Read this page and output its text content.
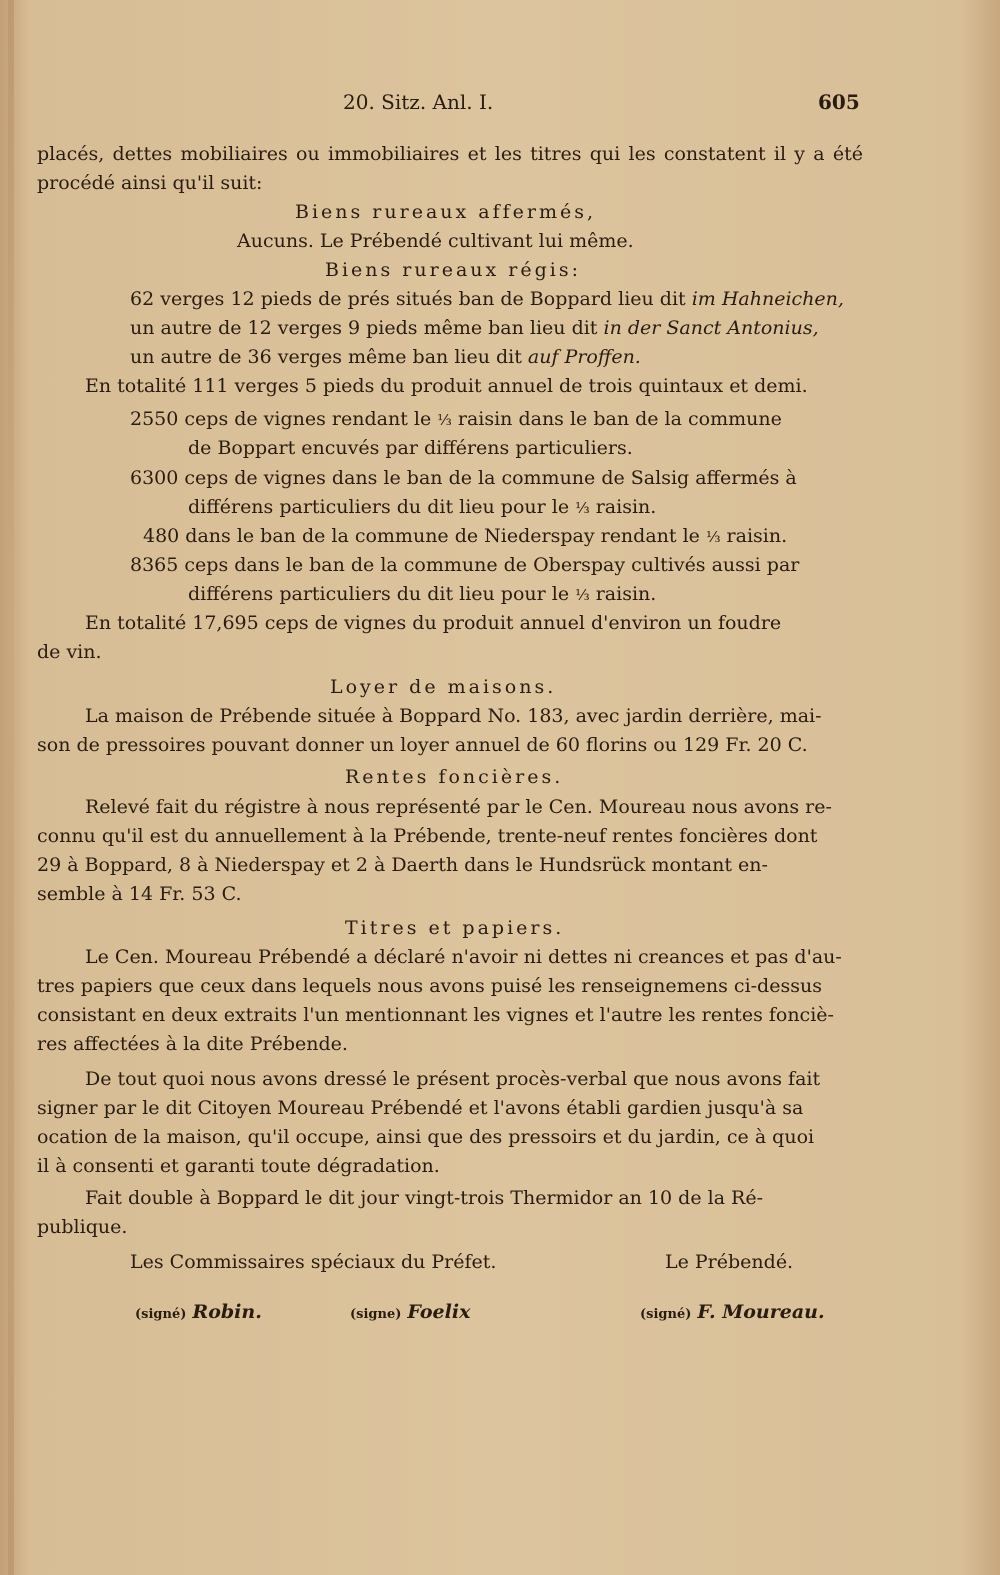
20. Sitz. Anl. I.	605
placés, dettes mobiliaires ou immobiliaires et les titres qui les constatent il y a été
procédé ainsi qu'il suit:
Biens rureaux affermés,
Aucuns. Le Prébendé cultivant lui même.
Biens rureaux régis:
62 verges 12 pieds de prés situés ban de Boppard lieu dit im Hahneichen,
un autre de 12 verges 9 pieds même ban lieu dit in der Sanct Antonius,
un autre de 36 verges même ban lieu dit auf Proffen.
En totalité 111 verges 5 pieds du produit annuel de trois quintaux et demi.
2550 ceps de vignes rendant le ⅓ raisin dans le ban de la commune
de Boppart encuvés par différens particuliers.
6300 ceps de vignes dans le ban de la commune de Salsig affermés à
différens particuliers du dit lieu pour le ⅓ raisin.
480 dans le ban de la commune de Niederspay rendant le ⅓ raisin.
8365 ceps dans le ban de la commune de Oberspay cultivés aussi par
différens particuliers du dit lieu pour le ⅓ raisin.
En totalité 17,695 ceps de vignes du produit annuel d'environ un foudre
de vin.
Loyer de maisons.
La maison de Prébende située à Boppard No. 183, avec jardin derrière, mai-
son de pressoires pouvant donner un loyer annuel de 60 florins ou 129 Fr. 20 C.
Rentes foncières.
Relevé fait du régistre à nous représenté par le Cen. Moureau nous avons re-
connu qu'il est du annuellement à la Prébende, trente-neuf rentes foncières dont
29 à Boppard, 8 à Niederspay et 2 à Daerth dans le Hundsrück montant en-
semble à 14 Fr. 53 C.
Titres et papiers.
Le Cen. Moureau Prébendé a déclaré n'avoir ni dettes ni creances et pas d'au-
tres papiers que ceux dans lequels nous avons puisé les renseignemens ci-dessus
consistant en deux extraits l'un mentionnant les vignes et l'autre les rentes fonciè-
res affectées à la dite Prébende.
De tout quoi nous avons dressé le présent procès-verbal que nous avons fait
signer par le dit Citoyen Moureau Prébendé et l'avons établi gardien jusqu'à sa
ocation de la maison, qu'il occupe, ainsi que des pressoirs et du jardin, ce à quoi
il à consenti et garanti toute dégradation.
Fait double à Boppard le dit jour vingt-trois Thermidor an 10 de la Ré-
publique.
Les Commissaires spéciaux du Préfet.	Le Prébendé.
(signé) Robin.	(signe) Foelix	(signé) F. Moureau.
